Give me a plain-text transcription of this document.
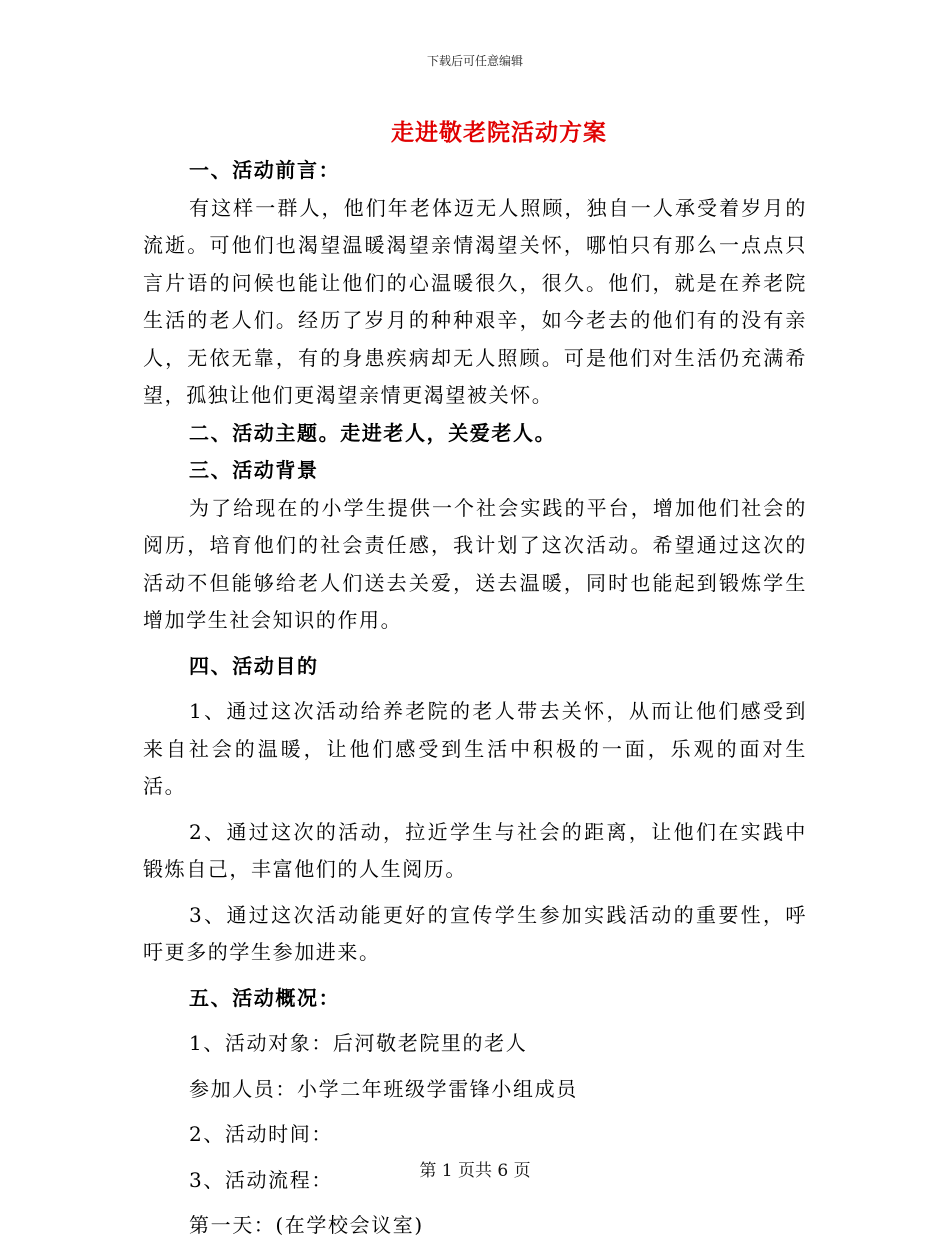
下载后可任意编辑
走进敬老院活动方案

一、活动前言：

有这样一群人，他们年老体迈无人照顾，独自一人承受着岁月的流逝。可他们也渴望温暖渴望亲情渴望关怀，哪怕只有那么一点点只言片语的问候也能让他们的心温暖很久，很久。他们，就是在养老院生活的老人们。经历了岁月的种种艰辛，如今老去的他们有的没有亲人，无依无靠，有的身患疾病却无人照顾。可是他们对生活仍充满希望，孤独让他们更渴望亲情更渴望被关怀。

二、活动主题。走进老人，关爱老人。

三、活动背景

为了给现在的小学生提供一个社会实践的平台，增加他们社会的阅历，培育他们的社会责任感，我计划了这次活动。希望通过这次的活动不但能够给老人们送去关爱，送去温暖，同时也能起到锻炼学生增加学生社会知识的作用。

四、活动目的

1、通过这次活动给养老院的老人带去关怀，从而让他们感受到来自社会的温暖，让他们感受到生活中积极的一面，乐观的面对生活。

2、通过这次的活动，拉近学生与社会的距离，让他们在实践中锻炼自己，丰富他们的人生阅历。

3、通过这次活动能更好的宣传学生参加实践活动的重要性，呼吁更多的学生参加进来。

五、活动概况：

1、活动对象：后河敬老院里的老人

参加人员：小学二年班级学雷锋小组成员

2、活动时间：

3、活动流程：

第一天：(在学校会议室)

第 1 页共 6 页
